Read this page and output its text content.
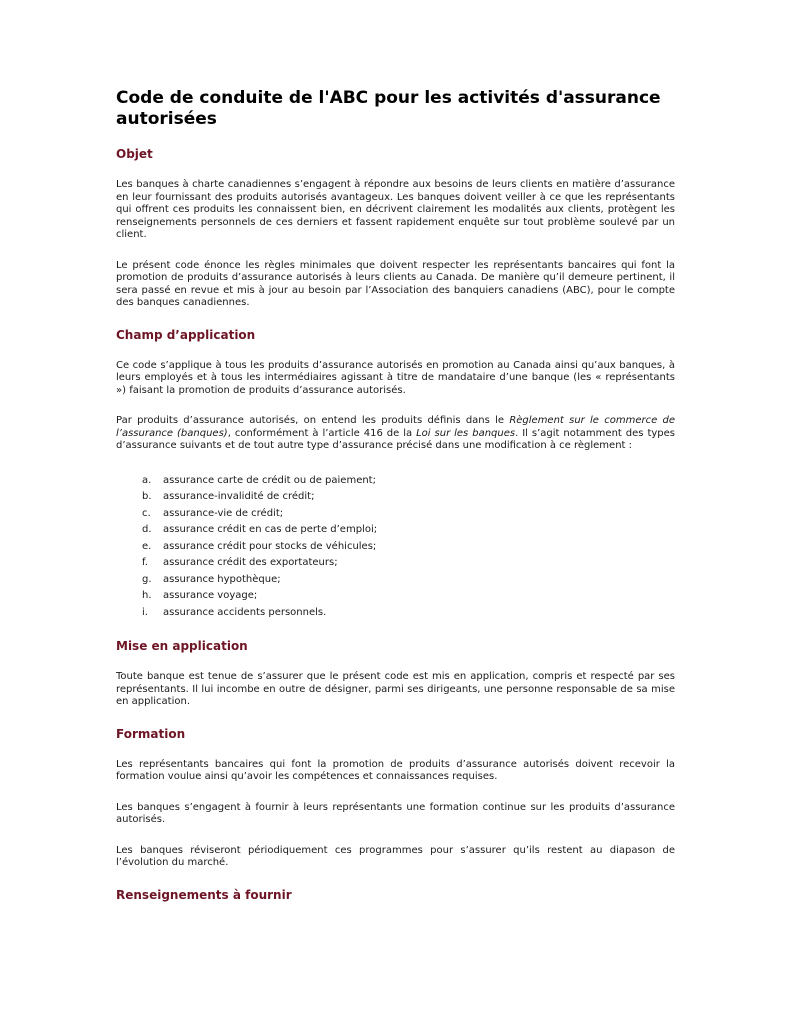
Code de conduite de l'ABC pour les activités d'assurance autorisées
Objet

Les banques à charte canadiennes s’engagent à répondre aux besoins de leurs clients en matière d’assurance en leur fournissant des produits autorisés avantageux. Les banques doivent veiller à ce que les représentants qui offrent ces produits les connaissent bien, en décrivent clairement les modalités aux clients, protègent les renseignements personnels de ces derniers et fassent rapidement enquête sur tout problème soulevé par un client.

Le présent code énonce les règles minimales que doivent respecter les représentants bancaires qui font la promotion de produits d’assurance autorisés à leurs clients au Canada. De manière qu’il demeure pertinent, il sera passé en revue et mis à jour au besoin par l’Association des banquiers canadiens (ABC), pour le compte des banques canadiennes.

Champ d’application

Ce code s’applique à tous les produits d’assurance autorisés en promotion au Canada ainsi qu’aux banques, à leurs employés et à tous les intermédiaires agissant à titre de mandataire d’une banque (les « représentants ») faisant la promotion de produits d’assurance autorisés.

Par produits d’assurance autorisés, on entend les produits définis dans le Règlement sur le commerce de l’assurance (banques), conformément à l’article 416 de la Loi sur les banques. Il s’agit notamment des types d’assurance suivants et de tout autre type d’assurance précisé dans une modification à ce règlement :

a. assurance carte de crédit ou de paiement;
b. assurance-invalidité de crédit;
c. assurance-vie de crédit;
d. assurance crédit en cas de perte d’emploi;
e. assurance crédit pour stocks de véhicules;
f. assurance crédit des exportateurs;
g. assurance hypothèque;
h. assurance voyage;
i. assurance accidents personnels.
Mise en application

Toute banque est tenue de s’assurer que le présent code est mis en application, compris et respecté par ses représentants. Il lui incombe en outre de désigner, parmi ses dirigeants, une personne responsable de sa mise en application.

Formation

Les représentants bancaires qui font la promotion de produits d’assurance autorisés doivent recevoir la formation voulue ainsi qu’avoir les compétences et connaissances requises.

Les banques s’engagent à fournir à leurs représentants une formation continue sur les produits d’assurance autorisés.

Les banques réviseront périodiquement ces programmes pour s’assurer qu’ils restent au diapason de l’évolution du marché.

Renseignements à fournir
